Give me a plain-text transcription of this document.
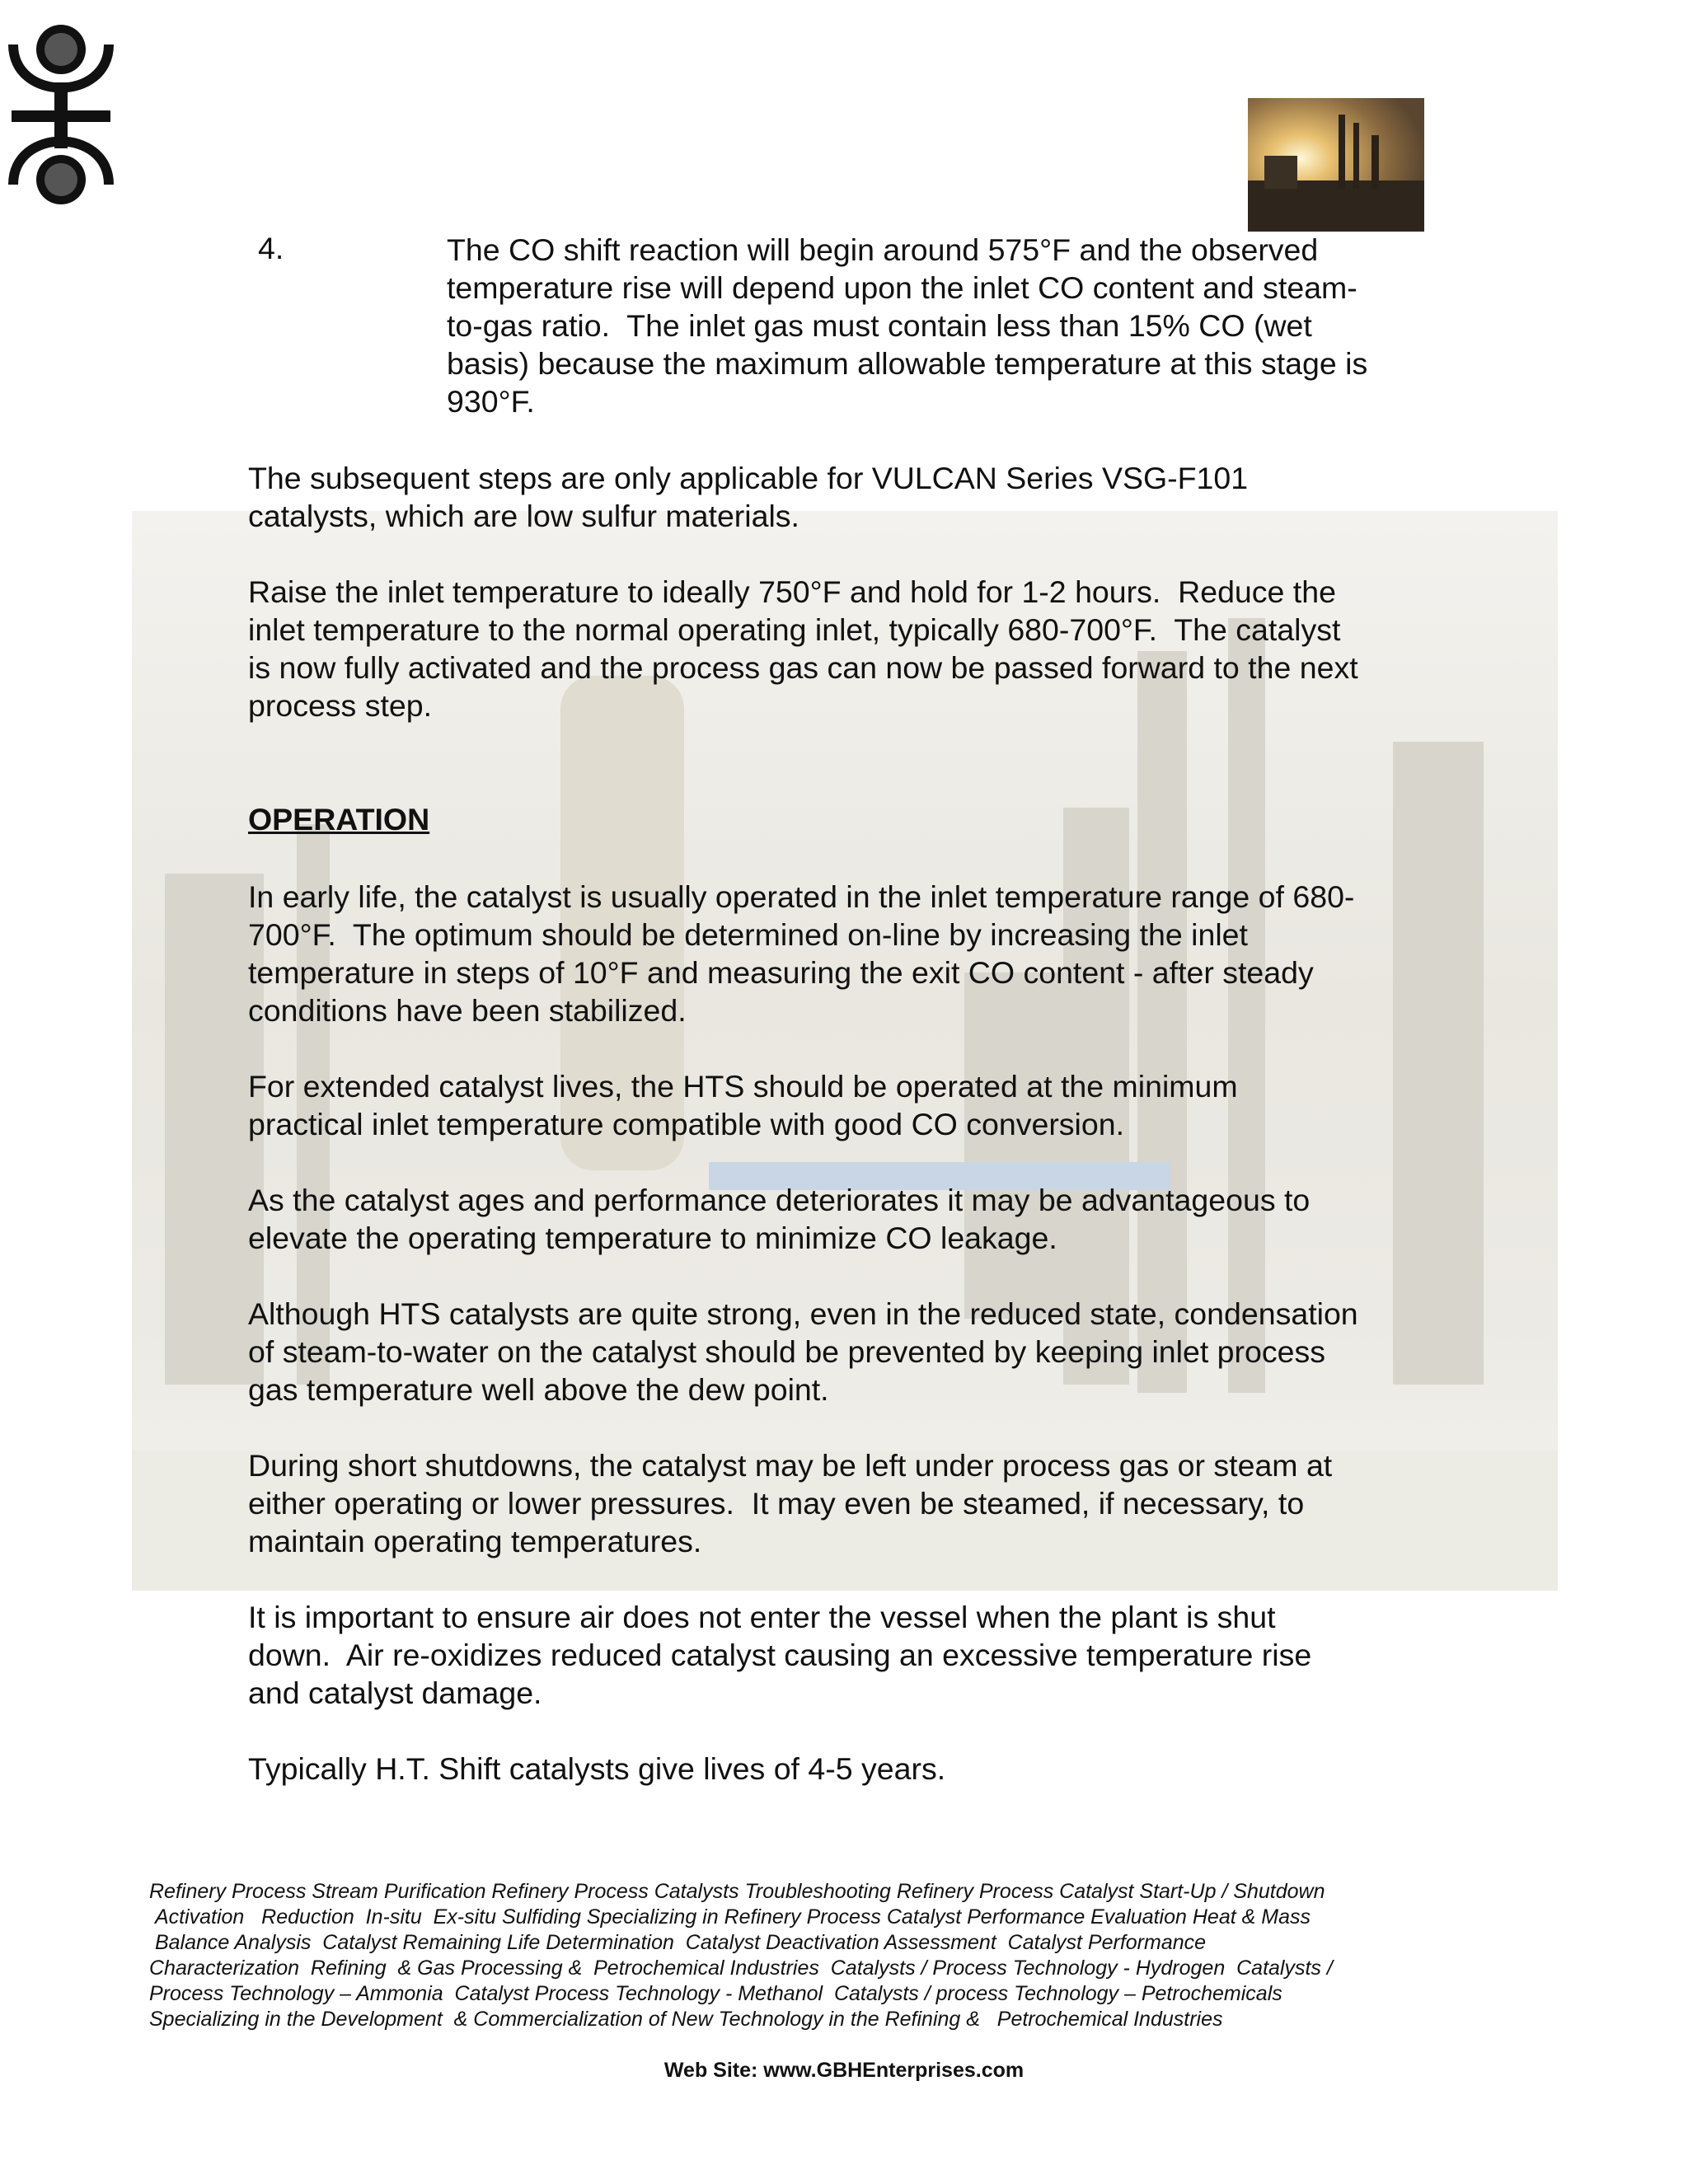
4.	The CO shift reaction will begin around 575°F and the observed
temperature rise will depend upon the inlet CO content and steam-
to-gas ratio.  The inlet gas must contain less than 15% CO (wet
basis) because the maximum allowable temperature at this stage is
930°F.

The subsequent steps are only applicable for VULCAN Series VSG-F101
catalysts, which are low sulfur materials.

Raise the inlet temperature to ideally 750°F and hold for 1-2 hours.  Reduce the
inlet temperature to the normal operating inlet, typically 680-700°F.  The catalyst
is now fully activated and the process gas can now be passed forward to the next
process step.

OPERATION

In early life, the catalyst is usually operated in the inlet temperature range of 680-
700°F.  The optimum should be determined on-line by increasing the inlet
temperature in steps of 10°F and measuring the exit CO content - after steady
conditions have been stabilized.

For extended catalyst lives, the HTS should be operated at the minimum
practical inlet temperature compatible with good CO conversion.

As the catalyst ages and performance deteriorates it may be advantageous to
elevate the operating temperature to minimize CO leakage.

Although HTS catalysts are quite strong, even in the reduced state, condensation
of steam-to-water on the catalyst should be prevented by keeping inlet process
gas temperature well above the dew point.

During short shutdowns, the catalyst may be left under process gas or steam at
either operating or lower pressures.  It may even be steamed, if necessary, to
maintain operating temperatures.

It is important to ensure air does not enter the vessel when the plant is shut
down.  Air re-oxidizes reduced catalyst causing an excessive temperature rise
and catalyst damage.

Typically H.T. Shift catalysts give lives of 4-5 years.

Refinery Process Stream Purification Refinery Process Catalysts Troubleshooting Refinery Process Catalyst Start-Up / Shutdown
Activation   Reduction  In-situ  Ex-situ Sulfiding Specializing in Refinery Process Catalyst Performance Evaluation Heat & Mass
Balance Analysis  Catalyst Remaining Life Determination  Catalyst Deactivation Assessment  Catalyst Performance
Characterization  Refining  & Gas Processing &  Petrochemical Industries  Catalysts / Process Technology - Hydrogen  Catalysts /
Process Technology – Ammonia  Catalyst Process Technology - Methanol  Catalysts / process Technology – Petrochemicals
Specializing in the Development  & Commercialization of New Technology in the Refining &   Petrochemical Industries
Web Site: www.GBHEnterprises.com
